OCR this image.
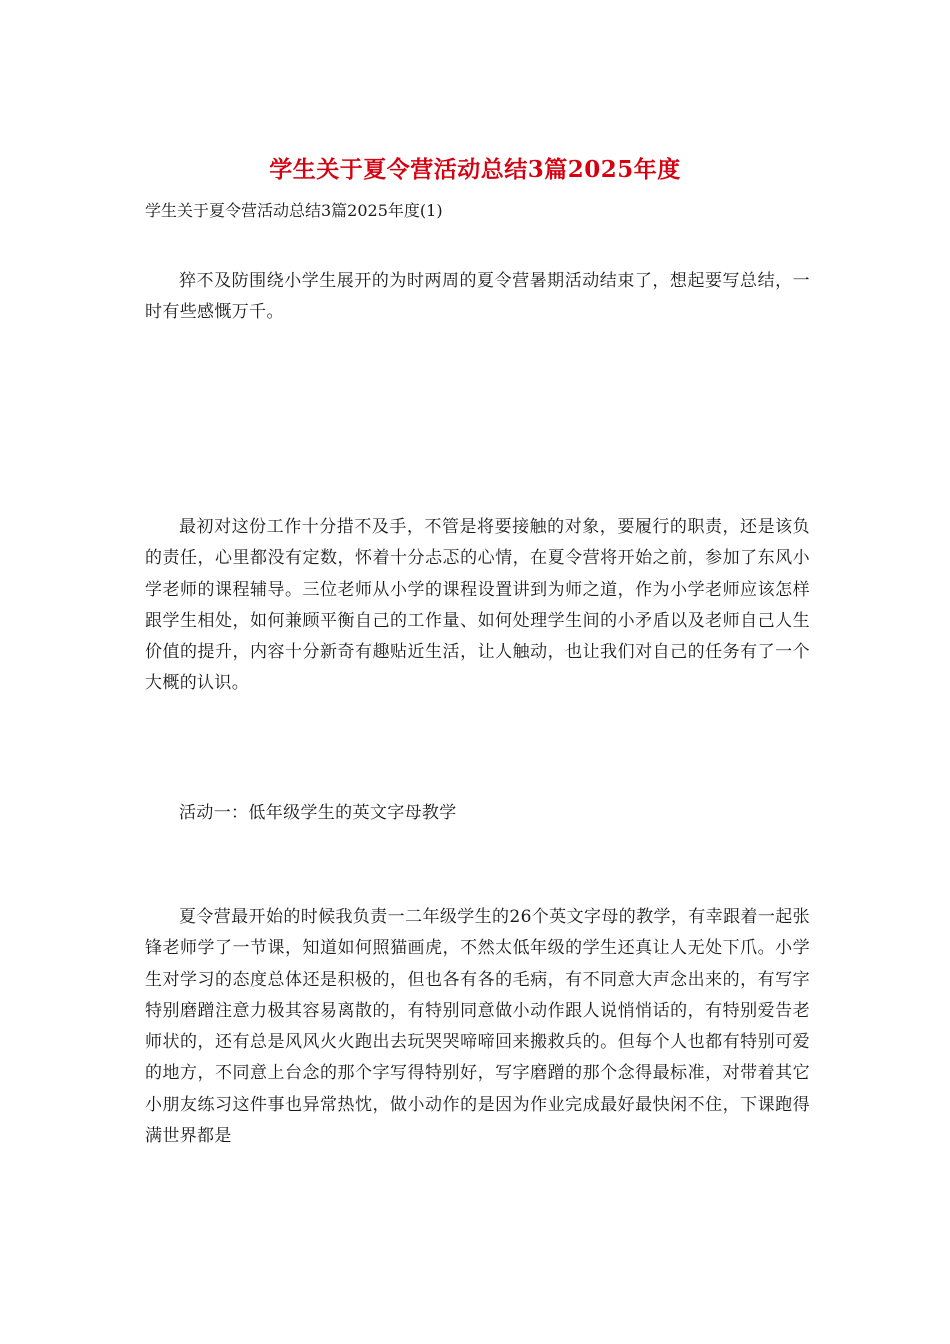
学生关于夏令营活动总结3篇2025年度

学生关于夏令营活动总结3篇2025年度(1)

猝不及防围绕小学生展开的为时两周的夏令营暑期活动结束了，想起要写总结，一时有些感慨万千。

最初对这份工作十分措不及手，不管是将要接触的对象，要履行的职责，还是该负的责任，心里都没有定数，怀着十分忐忑的心情，在夏令营将开始之前，参加了东风小学老师的课程辅导。三位老师从小学的课程设置讲到为师之道，作为小学老师应该怎样跟学生相处，如何兼顾平衡自己的工作量、如何处理学生间的小矛盾以及老师自己人生价值的提升，内容十分新奇有趣贴近生活，让人触动，也让我们对自己的任务有了一个大概的认识。

活动一：低年级学生的英文字母教学

夏令营最开始的时候我负责一二年级学生的26个英文字母的教学，有幸跟着一起张锋老师学了一节课，知道如何照猫画虎，不然太低年级的学生还真让人无处下爪。小学生对学习的态度总体还是积极的，但也各有各的毛病，有不同意大声念出来的，有写字特别磨蹭注意力极其容易离散的，有特别同意做小动作跟人说悄悄话的，有特别爱告老师状的，还有总是风风火火跑出去玩哭哭啼啼回来搬救兵的。但每个人也都有特别可爱的地方，不同意上台念的那个字写得特别好，写字磨蹭的那个念得最标准，对带着其它小朋友练习这件事也异常热忱，做小动作的是因为作业完成最好最快闲不住，下课跑得满世界都是
